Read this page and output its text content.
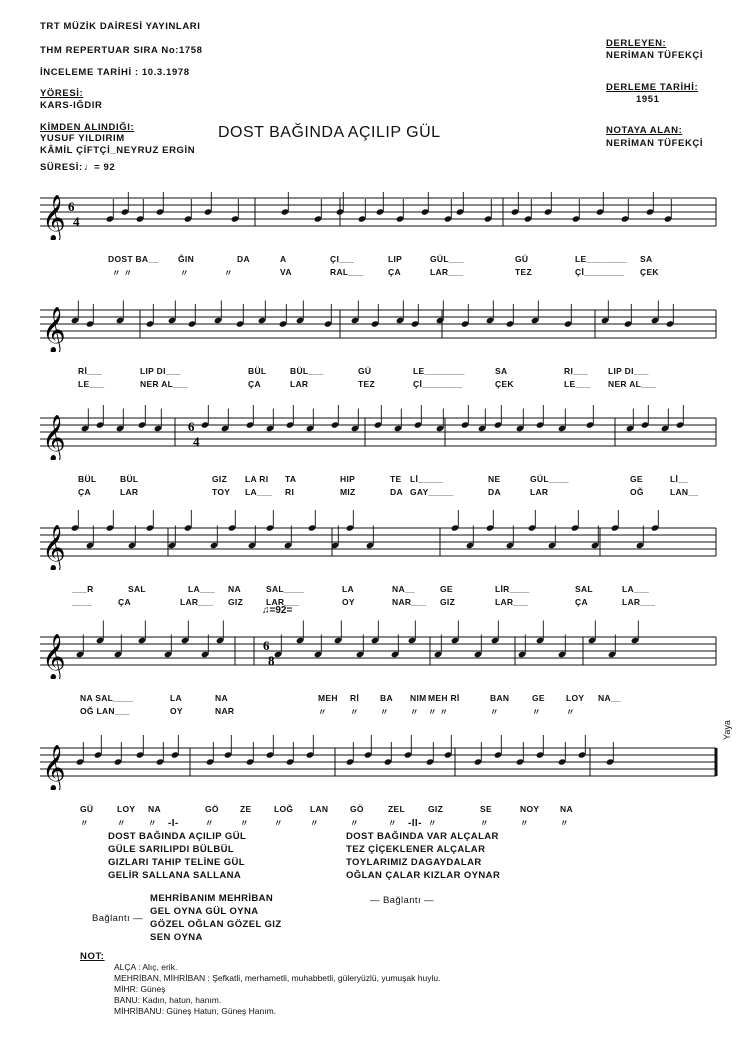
TRT MÜZİK DAİRESİ YAYINLARI
THM REPERTUAR SIRA No:1758
İNCELEME TARİHİ : 10.3.1978
YÖRESİ:
KARS-IĞDIR
KİMDEN ALINDIĞI:
YUSUF YILDIRIM
KÂMİL ÇİFTÇİ_NEYRUZ ERGİN
SÜRESİ: ♩= 92
DERLEYEN:
NERİMAN TÜFEKÇİ
DERLEME TARİHİ:
1951
NOTAYA ALAN:
NERİMAN TÜFEKÇİ
DOST BAĞINDA AÇILIP GÜL
𝄞 6
4
𝄞
𝄞	6
4
𝄞
𝄞	6
8
𝄞
-I-
DOST BAĞINDA AÇILIP GÜL
GÜLE SARILIPDI BÜLBÜL
GIZLARI TAHIP TELİNE GÜL
GELİR SALLANA SALLANA
-II-
DOST BAĞINDA VAR ALÇALAR
TEZ ÇİÇEKLENER ALÇALAR
TOYLARIMIZ DAGAYDALAR
OĞLAN ÇALAR KIZLAR OYNAR
MEHRİBANIM MEHRİBAN
GEL OYNA GÜL OYNA
GÖZEL OĞLAN GÖZEL GIZ
SEN OYNA
Bağlantı —
— Bağlantı —
NOT:
ALÇA : Alıç, erik.
MEHRİBAN, MİHRİBAN : Şefkatli, merhametli, muhabbetli, güleryüzlü, yumuşak huylu.
MİHR: Güneş
BANU: Kadın, hatun, hanım.
MİHRİBANU: Güneş Hatun, Güneş Hanım.
DOST BA__ ĞIN	DA	A	ÇI___	LIP	GÜL___	GÜ	LE________ SA
〃 〃	〃	〃	VA	RAL___	ÇA	LAR___	TEZ	Çİ________ ÇEK
Rİ___	LIP DI___	BÜL	BÜL___	GÜ	LE________	SA	RI___ LIP DI___
LE___	NER AL___	ÇA	LAR	TEZ	Çİ________	ÇEK	LE___ NER AL___
BÜL	BÜL	GIZ LA RI TA	HIP	TE Lİ_____	NE	GÜL____	GE	Lİ__
ÇA	LAR	TOY LA___ RI	MIZ	DA GAY_____	DA	LAR	OĞ	LAN__
___R	SAL	LA___ NA	SAL____	LA	NA__	GE	LİR____	SAL	LA___
____	ÇA	LAR___ GIZ	LAR___	OY	NAR___ GIZ	LAR___	ÇA	LAR___
NA SAL____	LA	NA	MEH Rİ BA NIM MEH Rİ	BAN	GE LOY NA__
OĞ LAN___	OY	NAR	〃	〃 〃 〃 〃 〃	〃	〃	〃
♫=92=
GÜ	LOY NA	GÖ ZE	LOĞ LAN	GÖ	ZEL	GIZ	SE	NOY NA
〃	〃	〃	〃	〃	〃	〃	〃	〃	〃	〃	〃	〃
Yaya
